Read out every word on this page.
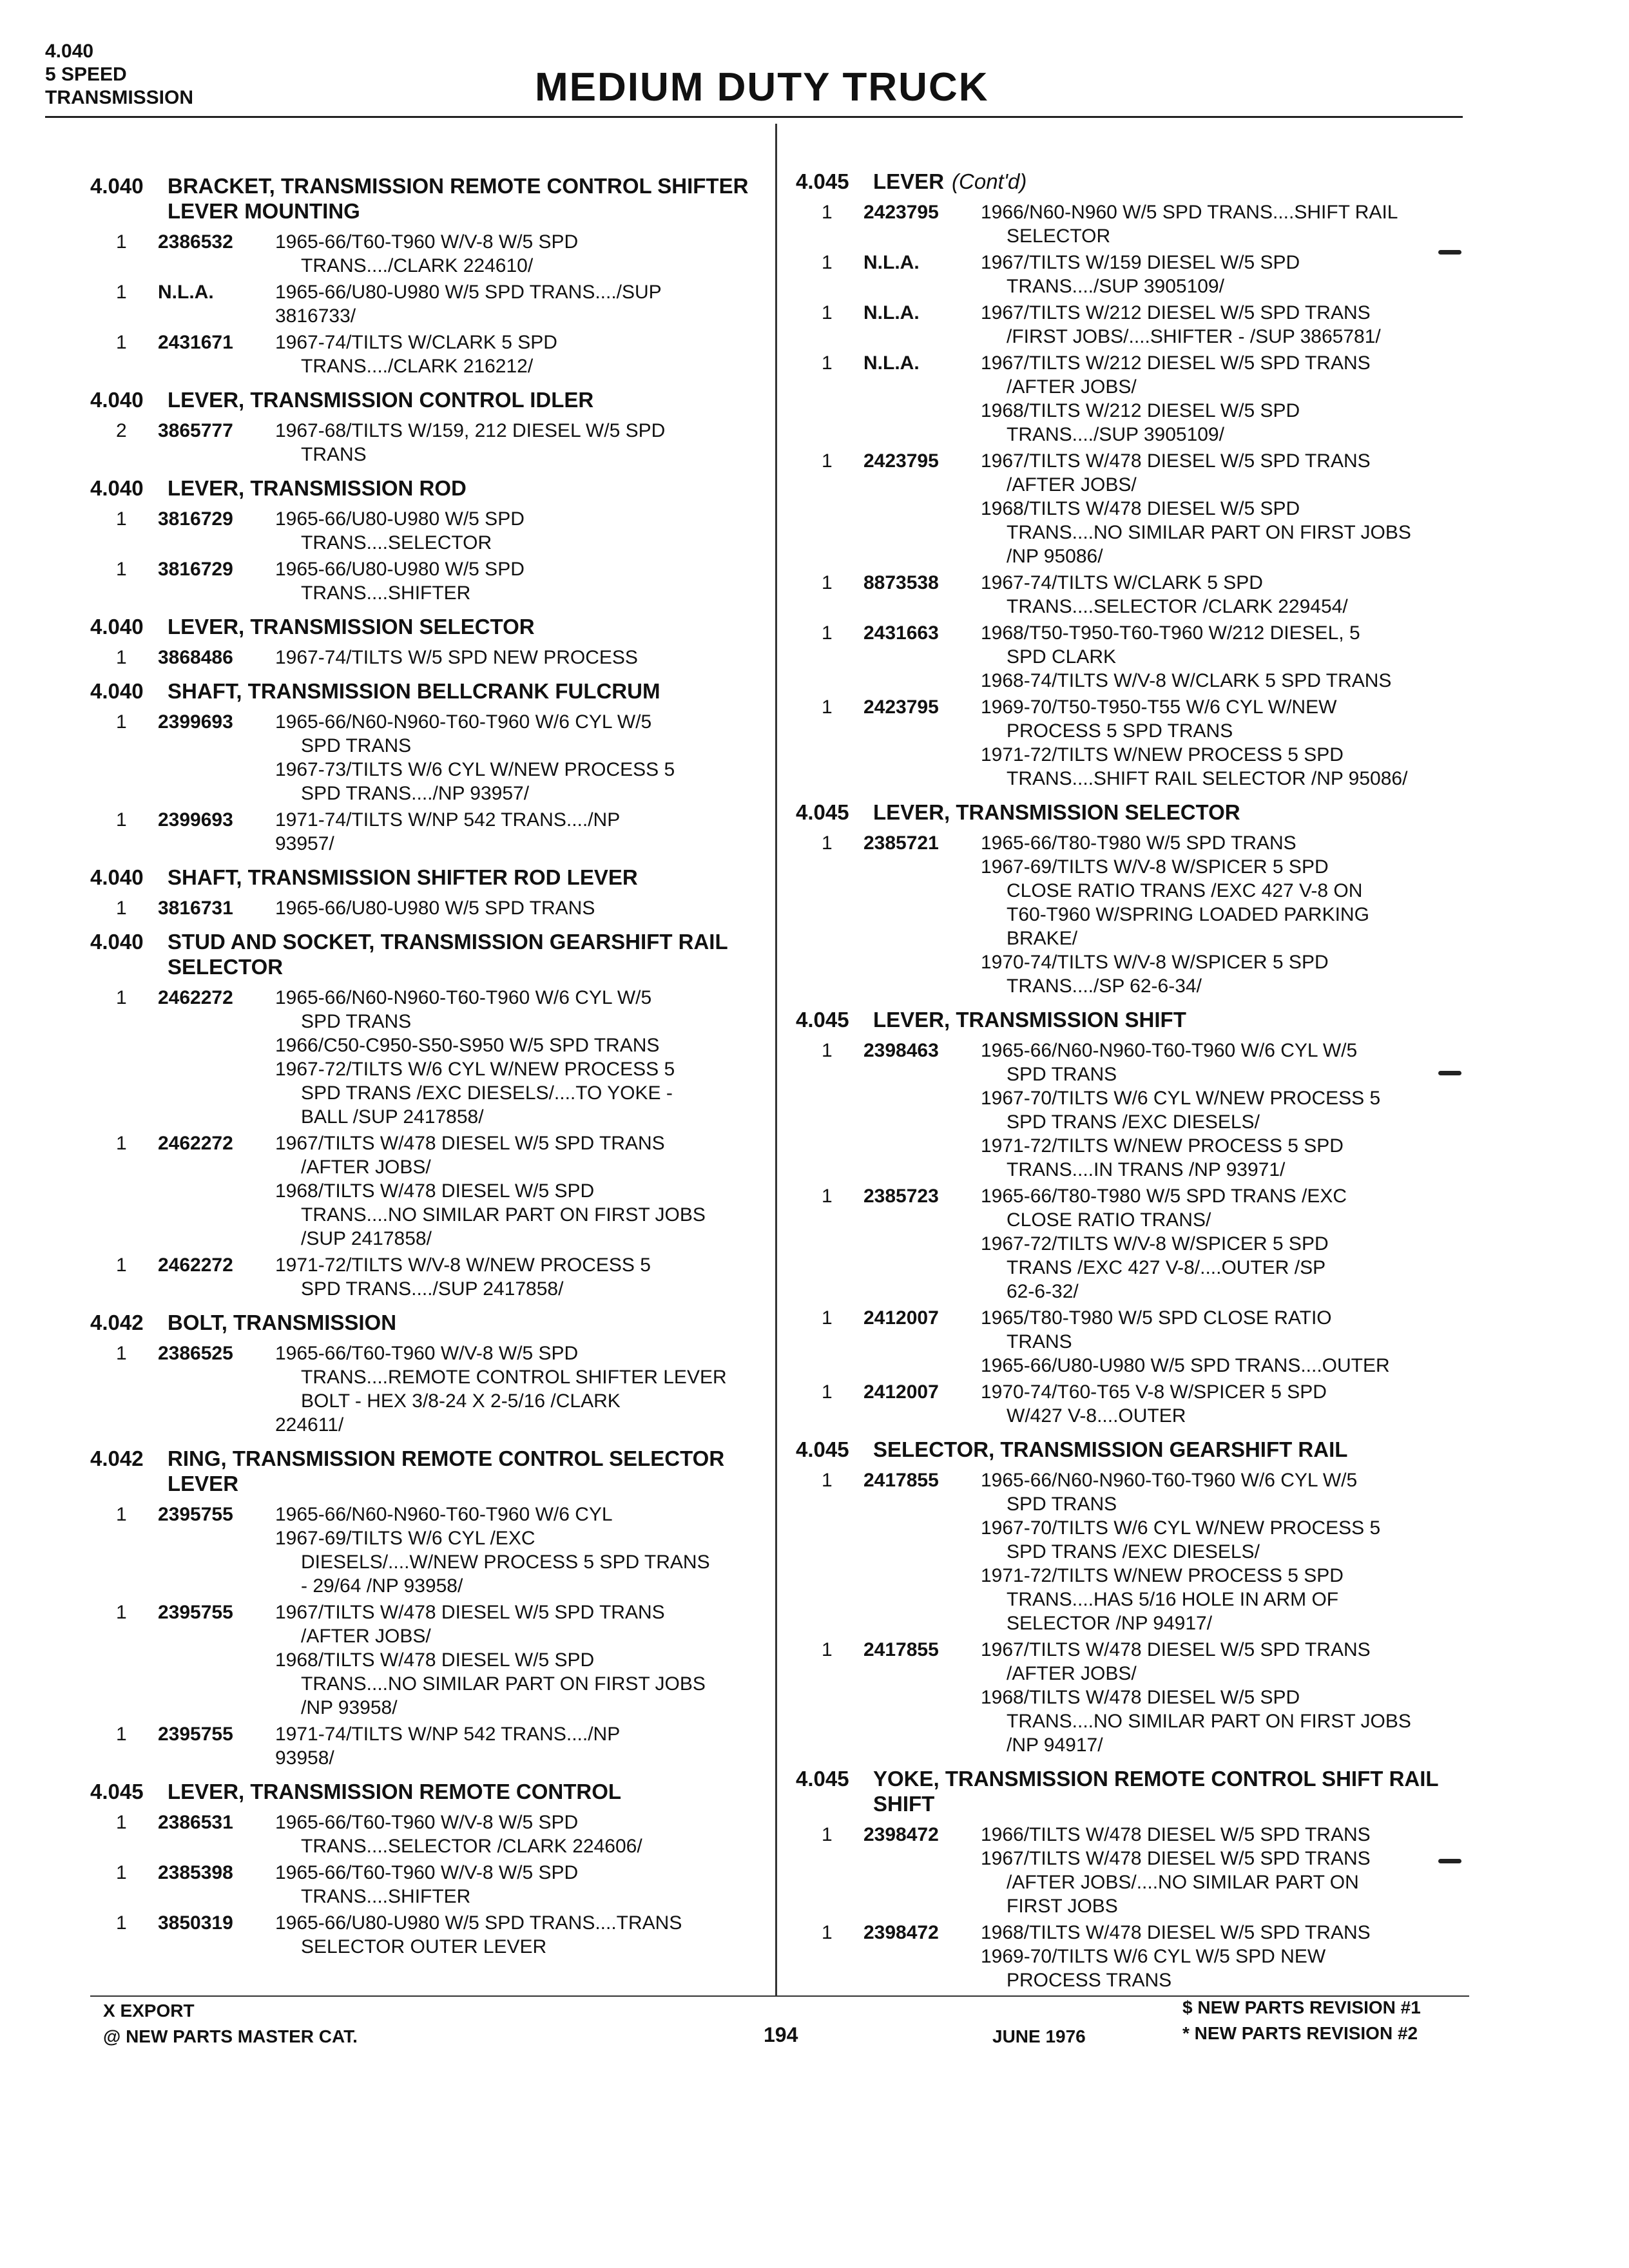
4.040
5 SPEED
TRANSMISSION	MEDIUM DUTY TRUCK
4.040 BRACKET, TRANSMISSION REMOTE CONTROL SHIFTER LEVER MOUNTING
1	2386532	1965-66/T60-T960 W/V-8 W/5 SPD
TRANS..../CLARK 224610/
1	N.L.A.	1965-66/U80-U980 W/5 SPD TRANS..../SUP
3816733/
1	2431671	1967-74/TILTS W/CLARK 5 SPD
TRANS..../CLARK 216212/
4.040 LEVER, TRANSMISSION CONTROL IDLER
2	3865777	1967-68/TILTS W/159, 212 DIESEL W/5 SPD
TRANS
4.040 LEVER, TRANSMISSION ROD
1	3816729	1965-66/U80-U980 W/5 SPD
TRANS....SELECTOR
1	3816729	1965-66/U80-U980 W/5 SPD
TRANS....SHIFTER
4.040 LEVER, TRANSMISSION SELECTOR
1	3868486	1967-74/TILTS W/5 SPD NEW PROCESS
4.040 SHAFT, TRANSMISSION BELLCRANK FULCRUM
1	2399693	1965-66/N60-N960-T60-T960 W/6 CYL W/5
SPD TRANS
1967-73/TILTS W/6 CYL W/NEW PROCESS 5
SPD TRANS..../NP 93957/
1	2399693	1971-74/TILTS W/NP 542 TRANS..../NP
93957/
4.040 SHAFT, TRANSMISSION SHIFTER ROD LEVER
1	3816731	1965-66/U80-U980 W/5 SPD TRANS
4.040 STUD AND SOCKET, TRANSMISSION GEARSHIFT RAIL SELECTOR
1	2462272	1965-66/N60-N960-T60-T960 W/6 CYL W/5
SPD TRANS
1966/C50-C950-S50-S950 W/5 SPD TRANS
1967-72/TILTS W/6 CYL W/NEW PROCESS 5
SPD TRANS /EXC DIESELS/....TO YOKE -
BALL /SUP 2417858/
1	2462272	1967/TILTS W/478 DIESEL W/5 SPD TRANS
/AFTER JOBS/
1968/TILTS W/478 DIESEL W/5 SPD
TRANS....NO SIMILAR PART ON FIRST JOBS
/SUP 2417858/
1	2462272	1971-72/TILTS W/V-8 W/NEW PROCESS 5
SPD TRANS..../SUP 2417858/
4.042 BOLT, TRANSMISSION
1	2386525	1965-66/T60-T960 W/V-8 W/5 SPD
TRANS....REMOTE CONTROL SHIFTER LEVER
BOLT - HEX 3/8-24 X 2-5/16 /CLARK
224611/
4.042 RING, TRANSMISSION REMOTE CONTROL SELECTOR LEVER
1	2395755	1965-66/N60-N960-T60-T960 W/6 CYL
1967-69/TILTS W/6 CYL /EXC
DIESELS/....W/NEW PROCESS 5 SPD TRANS
- 29/64 /NP 93958/
1	2395755	1967/TILTS W/478 DIESEL W/5 SPD TRANS
/AFTER JOBS/
1968/TILTS W/478 DIESEL W/5 SPD
TRANS....NO SIMILAR PART ON FIRST JOBS
/NP 93958/
1	2395755	1971-74/TILTS W/NP 542 TRANS..../NP
93958/
4.045 LEVER, TRANSMISSION REMOTE CONTROL
1	2386531	1965-66/T60-T960 W/V-8 W/5 SPD
TRANS....SELECTOR /CLARK 224606/
1	2385398	1965-66/T60-T960 W/V-8 W/5 SPD
TRANS....SHIFTER
1	3850319	1965-66/U80-U980 W/5 SPD TRANS....TRANS
SELECTOR OUTER LEVER
4.045 LEVER (Cont'd)
1	2423795	1966/N60-N960 W/5 SPD TRANS....SHIFT RAIL
SELECTOR
1	N.L.A.	1967/TILTS W/159 DIESEL W/5 SPD
TRANS..../SUP 3905109/
1	N.L.A.	1967/TILTS W/212 DIESEL W/5 SPD TRANS
/FIRST JOBS/....SHIFTER - /SUP 3865781/
1	N.L.A.	1967/TILTS W/212 DIESEL W/5 SPD TRANS
/AFTER JOBS/
1968/TILTS W/212 DIESEL W/5 SPD
TRANS..../SUP 3905109/
1	2423795	1967/TILTS W/478 DIESEL W/5 SPD TRANS
/AFTER JOBS/
1968/TILTS W/478 DIESEL W/5 SPD
TRANS....NO SIMILAR PART ON FIRST JOBS
/NP 95086/
1	8873538	1967-74/TILTS W/CLARK 5 SPD
TRANS....SELECTOR /CLARK 229454/
1	2431663	1968/T50-T950-T60-T960 W/212 DIESEL, 5
SPD CLARK
1968-74/TILTS W/V-8 W/CLARK 5 SPD TRANS
1	2423795	1969-70/T50-T950-T55 W/6 CYL W/NEW
PROCESS 5 SPD TRANS
1971-72/TILTS W/NEW PROCESS 5 SPD
TRANS....SHIFT RAIL SELECTOR /NP 95086/
4.045 LEVER, TRANSMISSION SELECTOR
1	2385721	1965-66/T80-T980 W/5 SPD TRANS
1967-69/TILTS W/V-8 W/SPICER 5 SPD
CLOSE RATIO TRANS /EXC 427 V-8 ON
T60-T960 W/SPRING LOADED PARKING
BRAKE/
1970-74/TILTS W/V-8 W/SPICER 5 SPD
TRANS..../SP 62-6-34/
4.045 LEVER, TRANSMISSION SHIFT
1	2398463	1965-66/N60-N960-T60-T960 W/6 CYL W/5
SPD TRANS
1967-70/TILTS W/6 CYL W/NEW PROCESS 5
SPD TRANS /EXC DIESELS/
1971-72/TILTS W/NEW PROCESS 5 SPD
TRANS....IN TRANS /NP 93971/
1	2385723	1965-66/T80-T980 W/5 SPD TRANS /EXC
CLOSE RATIO TRANS/
1967-72/TILTS W/V-8 W/SPICER 5 SPD
TRANS /EXC 427 V-8/....OUTER /SP
62-6-32/
1	2412007	1965/T80-T980 W/5 SPD CLOSE RATIO
TRANS
1965-66/U80-U980 W/5 SPD TRANS....OUTER
1	2412007	1970-74/T60-T65 V-8 W/SPICER 5 SPD
W/427 V-8....OUTER
4.045 SELECTOR, TRANSMISSION GEARSHIFT RAIL
1	2417855	1965-66/N60-N960-T60-T960 W/6 CYL W/5
SPD TRANS
1967-70/TILTS W/6 CYL W/NEW PROCESS 5
SPD TRANS /EXC DIESELS/
1971-72/TILTS W/NEW PROCESS 5 SPD
TRANS....HAS 5/16 HOLE IN ARM OF
SELECTOR /NP 94917/
1	2417855	1967/TILTS W/478 DIESEL W/5 SPD TRANS
/AFTER JOBS/
1968/TILTS W/478 DIESEL W/5 SPD
TRANS....NO SIMILAR PART ON FIRST JOBS
/NP 94917/
4.045 YOKE, TRANSMISSION REMOTE CONTROL SHIFT RAIL SHIFT
1	2398472	1966/TILTS W/478 DIESEL W/5 SPD TRANS
1967/TILTS W/478 DIESEL W/5 SPD TRANS
/AFTER JOBS/....NO SIMILAR PART ON
FIRST JOBS
1	2398472	1968/TILTS W/478 DIESEL W/5 SPD TRANS
1969-70/TILTS W/6 CYL W/5 SPD NEW
PROCESS TRANS
X EXPORT
@ NEW PARTS MASTER CAT.	194	JUNE 1976
$ NEW PARTS REVISION #1
* NEW PARTS REVISION #2
